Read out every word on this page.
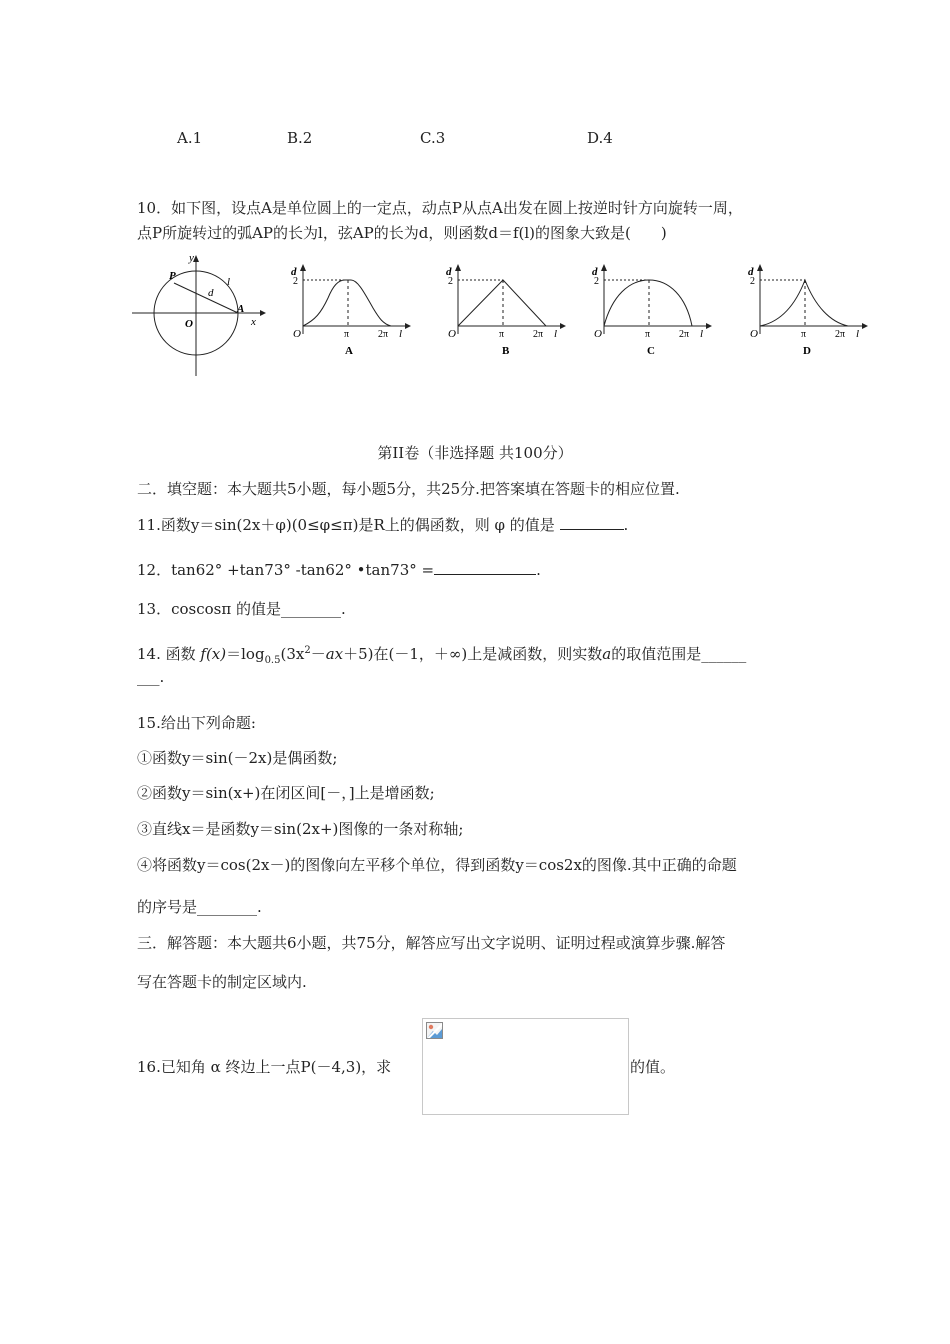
A.1	B.2	C.3	D.4
10．如下图，设点A是单位圆上的一定点，动点P从点A出发在圆上按逆时针方向旋转一周，
点P所旋转过的弧AP的长为l，弦AP的长为d，则函数d＝f(l)的图象大致是(　　)
y
x
P
A
O
d
l
d
2
O	π	2π l
A
d
2
O	π	2π l
B
d
2
O	π	2π l
C
d
2
O	π	2π l
D
第II卷（非选择题 共100分）
二．填空题：本大题共5小题，每小题5分，共25分.把答案填在答题卡的相应位置.
11.函数y＝sin(2x＋φ)(0≤φ≤π)是R上的偶函数，则 φ 的值是	.
12．tan62° +tan73° -tan62° •tan73° =	.
13．coscosπ 的值是________.
14. 函数 $f(x)=\log_{0.5}(3x^2-ax+5)$在(－1，＋∞)上是减函数，则实数a的取值范围是______
___.
15.给出下列命题:
①函数y＝sin(－2x)是偶函数;
②函数y＝sin(x+)在闭区间[－，]上是增函数;
③直线x＝是函数y＝sin(2x+)图像的一条对称轴;
④将函数y＝cos(2x－)的图像向左平移个单位，得到函数y＝cos2x的图像.其中正确的命题
的序号是________.
三．解答题：本大题共6小题，共75分，解答应写出文字说明、证明过程或演算步骤.解答
写在答题卡的制定区域内.
16.已知角 α 终边上一点P(－4,3)，求	的值。
